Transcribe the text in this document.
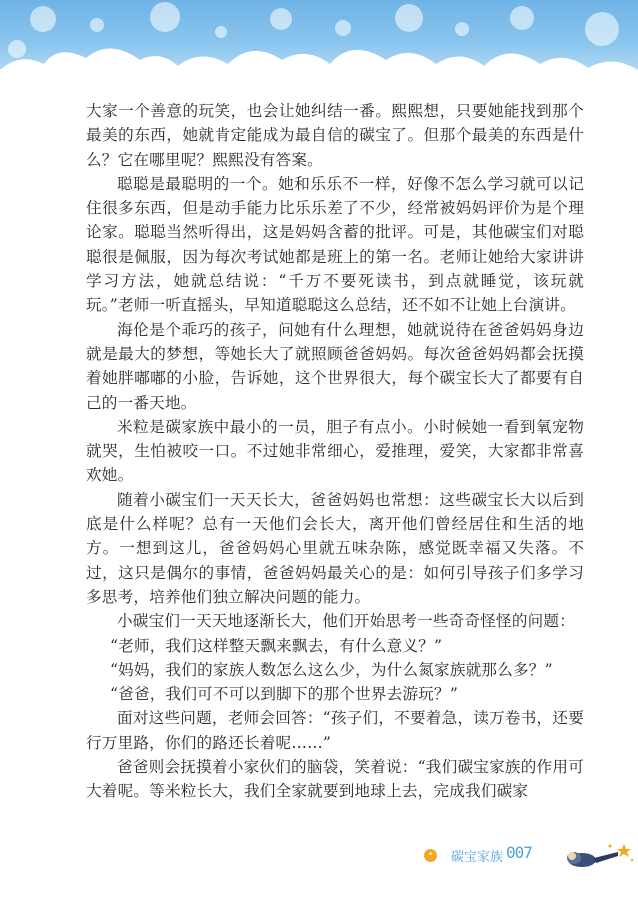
大家一个善意的玩笑，也会让她纠结一番。熙熙想，只要她能找到那个最美的东西，她就肯定能成为最自信的碳宝了。但那个最美的东西是什么？它在哪里呢？熙熙没有答案。

聪聪是最聪明的一个。她和乐乐不一样，好像不怎么学习就可以记住很多东西，但是动手能力比乐乐差了不少，经常被妈妈评价为是个理论家。聪聪当然听得出，这是妈妈含蓄的批评。可是，其他碳宝们对聪聪很是佩服，因为每次考试她都是班上的第一名。老师让她给大家讲讲学习方法，她就总结说：“千万不要死读书，到点就睡觉，该玩就玩。”老师一听直摇头，早知道聪聪这么总结，还不如不让她上台演讲。

海伦是个乖巧的孩子，问她有什么理想，她就说待在爸爸妈妈身边就是最大的梦想，等她长大了就照顾爸爸妈妈。每次爸爸妈妈都会抚摸着她胖嘟嘟的小脸，告诉她，这个世界很大，每个碳宝长大了都要有自己的一番天地。

米粒是碳家族中最小的一员，胆子有点小。小时候她一看到氧宠物就哭，生怕被咬一口。不过她非常细心，爱推理，爱笑，大家都非常喜欢她。

随着小碳宝们一天天长大，爸爸妈妈也常想：这些碳宝长大以后到底是什么样呢？总有一天他们会长大，离开他们曾经居住和生活的地方。一想到这儿，爸爸妈妈心里就五味杂陈，感觉既幸福又失落。不过，这只是偶尔的事情，爸爸妈妈最关心的是：如何引导孩子们多学习多思考，培养他们独立解决问题的能力。

小碳宝们一天天地逐渐长大，他们开始思考一些奇奇怪怪的问题：

“老师，我们这样整天飘来飘去，有什么意义？”

“妈妈，我们的家族人数怎么这么少，为什么氮家族就那么多？”

“爸爸，我们可不可以到脚下的那个世界去游玩？”

面对这些问题，老师会回答：“孩子们，不要着急，读万卷书，还要行万里路，你们的路还长着呢……”

爸爸则会抚摸着小家伙们的脑袋，笑着说：“我们碳宝家族的作用可大着呢。等米粒长大，我们全家就要到地球上去，完成我们碳家

• 碳宝家族 007
